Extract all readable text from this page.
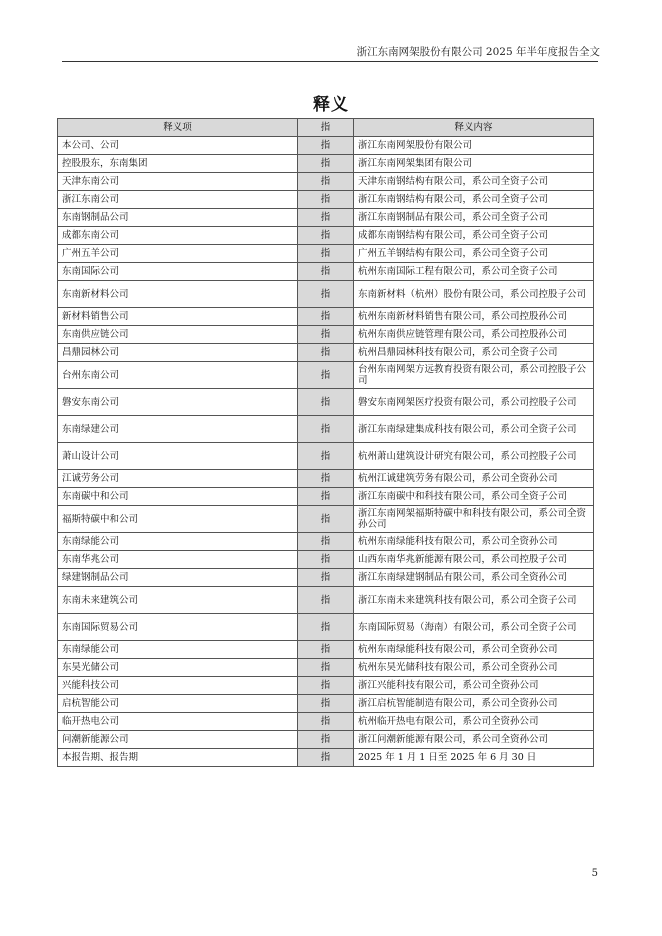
浙江东南网架股份有限公司 2025 年半年度报告全文
释义
释义项	指	释义内容
本公司、公司	指	浙江东南网架股份有限公司
控股股东，东南集团	指	浙江东南网架集团有限公司
天津东南公司	指	天津东南钢结构有限公司，系公司全资子公司
浙江东南公司	指	浙江东南钢结构有限公司，系公司全资子公司
东南钢制品公司	指	浙江东南钢制品有限公司，系公司全资子公司
成都东南公司	指	成都东南钢结构有限公司，系公司全资子公司
广州五羊公司	指	广州五羊钢结构有限公司，系公司全资子公司
东南国际公司	指	杭州东南国际工程有限公司，系公司全资子公司
东南新材料公司	指	东南新材料（杭州）股份有限公司，系公司控股子公司
新材料销售公司	指	杭州东南新材料销售有限公司，系公司控股孙公司
东南供应链公司	指	杭州东南供应链管理有限公司，系公司控股孙公司
昌鼎园林公司	指	杭州昌鼎园林科技有限公司，系公司全资子公司
台州东南公司	指	台州东南网架方远教育投资有限公司，系公司控股子公司
磐安东南公司	指	磐安东南网架医疗投资有限公司，系公司控股子公司
东南绿建公司	指	浙江东南绿建集成科技有限公司，系公司全资子公司
萧山设计公司	指	杭州萧山建筑设计研究有限公司，系公司控股子公司
江诚劳务公司	指	杭州江诚建筑劳务有限公司，系公司全资孙公司
东南碳中和公司	指	浙江东南碳中和科技有限公司，系公司全资子公司
福斯特碳中和公司	指	浙江东南网架福斯特碳中和科技有限公司，系公司全资孙公司
东南绿能公司	指	杭州东南绿能科技有限公司，系公司全资孙公司
东南华兆公司	指	山西东南华兆新能源有限公司，系公司控股子公司
绿建钢制品公司	指	浙江东南绿建钢制品有限公司，系公司全资孙公司
东南未来建筑公司	指	浙江东南未来建筑科技有限公司，系公司全资子公司
东南国际贸易公司	指	东南国际贸易（海南）有限公司，系公司全资子公司
东南绿能公司	指	杭州东南绿能科技有限公司，系公司全资孙公司
东昊光储公司	指	杭州东昊光储科技有限公司，系公司全资孙公司
兴能科技公司	指	浙江兴能科技有限公司，系公司全资孙公司
启杭智能公司	指	浙江启杭智能制造有限公司，系公司全资孙公司
临开热电公司	指	杭州临开热电有限公司，系公司全资孙公司
问潮新能源公司	指	浙江问潮新能源有限公司，系公司全资孙公司
本报告期、报告期	指	2025 年 1 月 1 日至 2025 年 6 月 30 日
5
